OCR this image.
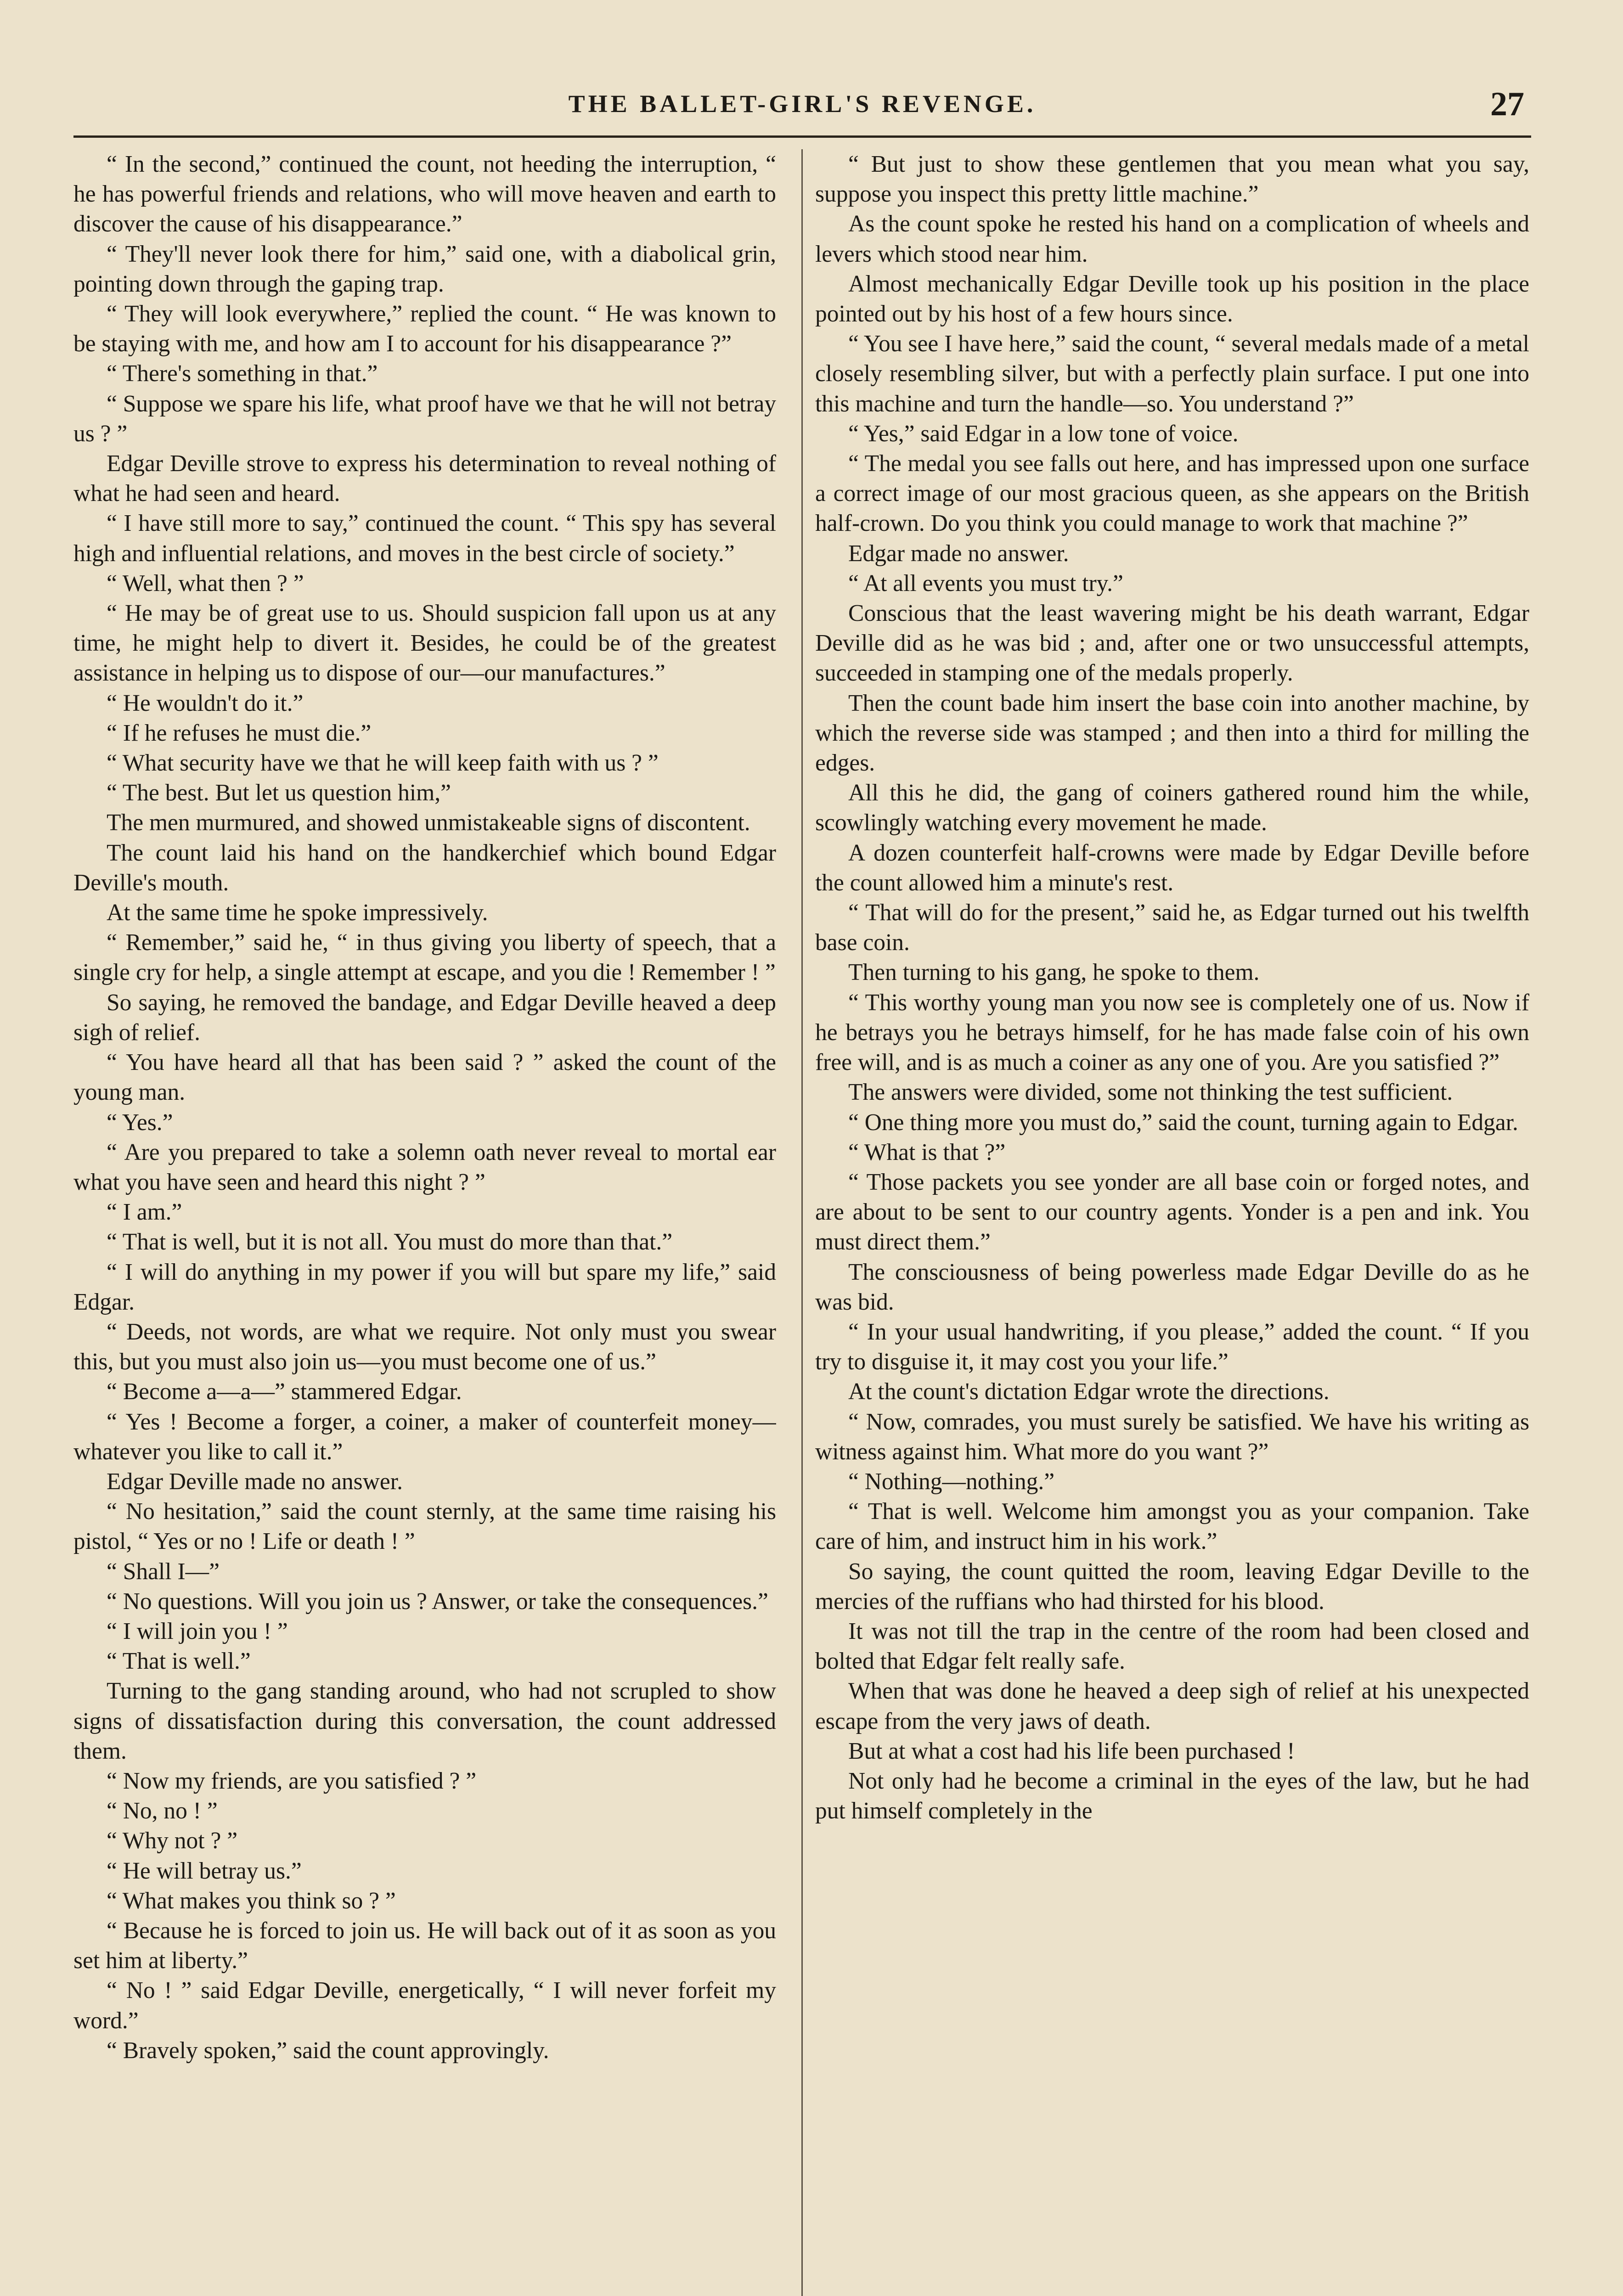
THE BALLET-GIRL'S REVENGE.	27

“ In the second,” continued the count, not heeding the interruption, “ he has powerful friends and relations, who will move heaven and earth to discover the cause of his disappearance.”

“ They'll never look there for him,” said one, with a diabolical grin, pointing down through the gaping trap.

“ They will look everywhere,” replied the count. “ He was known to be staying with me, and how am I to account for his disappearance ?”

“ There's something in that.”

“ Suppose we spare his life, what proof have we that he will not betray us ? ”

Edgar Deville strove to express his determination to reveal nothing of what he had seen and heard.

“ I have still more to say,” continued the count. “ This spy has several high and influential relations, and moves in the best circle of society.”

“ Well, what then ? ”

“ He may be of great use to us. Should suspicion fall upon us at any time, he might help to divert it. Besides, he could be of the greatest assistance in helping us to dispose of our—our manufactures.”

“ He wouldn't do it.”

“ If he refuses he must die.”

“ What security have we that he will keep faith with us ? ”

“ The best. But let us question him,”

The men murmured, and showed unmistakeable signs of discontent.

The count laid his hand on the handkerchief which bound Edgar Deville's mouth.

At the same time he spoke impressively.

“ Remember,” said he, “ in thus giving you liberty of speech, that a single cry for help, a single attempt at escape, and you die ! Remember ! ”

So saying, he removed the bandage, and Edgar Deville heaved a deep sigh of relief.

“ You have heard all that has been said ? ” asked the count of the young man.

“ Yes.”

“ Are you prepared to take a solemn oath never reveal to mortal ear what you have seen and heard this night ? ”

“ I am.”

“ That is well, but it is not all. You must do more than that.”

“ I will do anything in my power if you will but spare my life,” said Edgar.

“ Deeds, not words, are what we require. Not only must you swear this, but you must also join us—you must become one of us.”

“ Become a—a—” stammered Edgar.

“ Yes ! Become a forger, a coiner, a maker of counterfeit money—whatever you like to call it.”

Edgar Deville made no answer.

“ No hesitation,” said the count sternly, at the same time raising his pistol, “ Yes or no ! Life or death ! ”

“ Shall I—”

“ No questions. Will you join us ? Answer, or take the consequences.”

“ I will join you ! ”

“ That is well.”

Turning to the gang standing around, who had not scrupled to show signs of dissatisfaction during this conversation, the count addressed them.

“ Now my friends, are you satisfied ? ”

“ No, no ! ”

“ Why not ? ”

“ He will betray us.”

“ What makes you think so ? ”

“ Because he is forced to join us. He will back out of it as soon as you set him at liberty.”

“ No ! ” said Edgar Deville, energetically, “ I will never forfeit my word.”

“ Bravely spoken,” said the count approvingly.

“ But just to show these gentlemen that you mean what you say, suppose you inspect this pretty little machine.”

As the count spoke he rested his hand on a complication of wheels and levers which stood near him.

Almost mechanically Edgar Deville took up his position in the place pointed out by his host of a few hours since.

“ You see I have here,” said the count, “ several medals made of a metal closely resembling silver, but with a perfectly plain surface. I put one into this machine and turn the handle—so. You understand ?”

“ Yes,” said Edgar in a low tone of voice.

“ The medal you see falls out here, and has impressed upon one surface a correct image of our most gracious queen, as she appears on the British half-crown. Do you think you could manage to work that machine ?”

Edgar made no answer.

“ At all events you must try.”

Conscious that the least wavering might be his death warrant, Edgar Deville did as he was bid ; and, after one or two unsuccessful attempts, succeeded in stamping one of the medals properly.

Then the count bade him insert the base coin into another machine, by which the reverse side was stamped ; and then into a third for milling the edges.

All this he did, the gang of coiners gathered round him the while, scowlingly watching every movement he made.

A dozen counterfeit half-crowns were made by Edgar Deville before the count allowed him a minute's rest.

“ That will do for the present,” said he, as Edgar turned out his twelfth base coin.

Then turning to his gang, he spoke to them.

“ This worthy young man you now see is completely one of us. Now if he betrays you he betrays himself, for he has made false coin of his own free will, and is as much a coiner as any one of you. Are you satisfied ?”

The answers were divided, some not thinking the test sufficient.

“ One thing more you must do,” said the count, turning again to Edgar.

“ What is that ?”

“ Those packets you see yonder are all base coin or forged notes, and are about to be sent to our country agents. Yonder is a pen and ink. You must direct them.”

The consciousness of being powerless made Edgar Deville do as he was bid.

“ In your usual handwriting, if you please,” added the count. “ If you try to disguise it, it may cost you your life.”

At the count's dictation Edgar wrote the directions.

“ Now, comrades, you must surely be satisfied. We have his writing as witness against him. What more do you want ?”

“ Nothing—nothing.”

“ That is well. Welcome him amongst you as your companion. Take care of him, and instruct him in his work.”

So saying, the count quitted the room, leaving Edgar Deville to the mercies of the ruffians who had thirsted for his blood.

It was not till the trap in the centre of the room had been closed and bolted that Edgar felt really safe.

When that was done he heaved a deep sigh of relief at his unexpected escape from the very jaws of death.

But at what a cost had his life been purchased !

Not only had he become a criminal in the eyes of the law, but he had put himself completely in the
